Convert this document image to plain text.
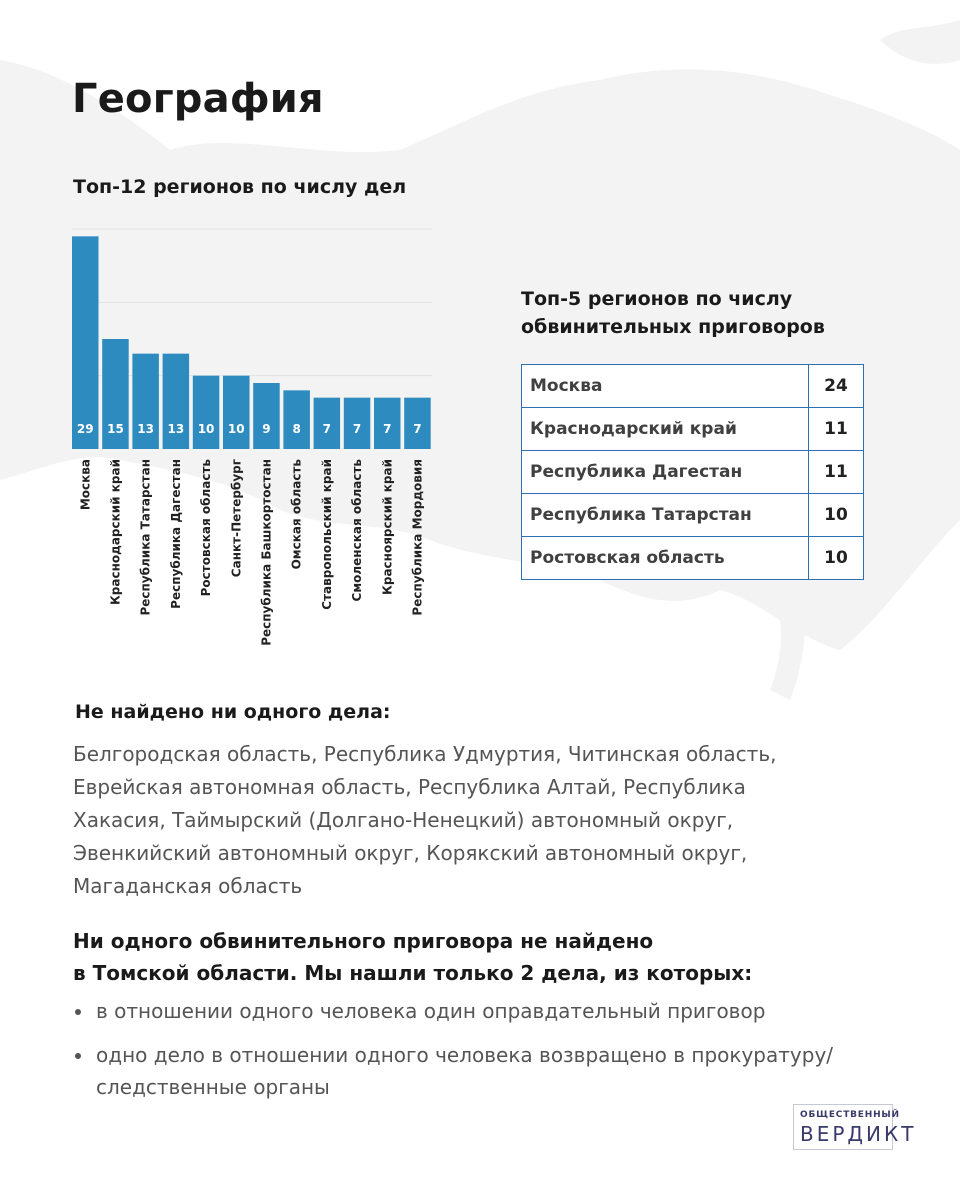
География
Топ-12 регионов по числу дел
29
Москва
15
Краснодарский край
13
Республика Татарстан
13
Республика Дагестан
10
Ростовская область
10
Санкт-Петербург
9
Республика Башкортостан
8
Омская область
7
Ставропольский край
7
Смоленская область
7
Красноярский край
7
Республика Мордовия
Топ-5 регионов по числу
обвинительных приговоров
Москва	24
Краснодарский край	11
Республика Дагестан	11
Республика Татарстан	10
Ростовская область	10
Не найдено ни одного дела:
Белгородская область, Республика Удмуртия, Читинская область,
Еврейская автономная область, Республика Алтай, Республика
Хакасия, Таймырский (Долгано-Ненецкий) автономный округ,
Эвенкийский автономный округ, Корякский автономный округ,
Магаданская область
Ни одного обвинительного приговора не найдено
в Томской области. Мы нашли только 2 дела, из которых:
в отношении одного человека один оправдательный приговор
одно дело в отношении одного человека возвращено в прокуратуру/
следственные органы
ОБЩЕСТВЕННЫЙ
ВЕРДИКТ
